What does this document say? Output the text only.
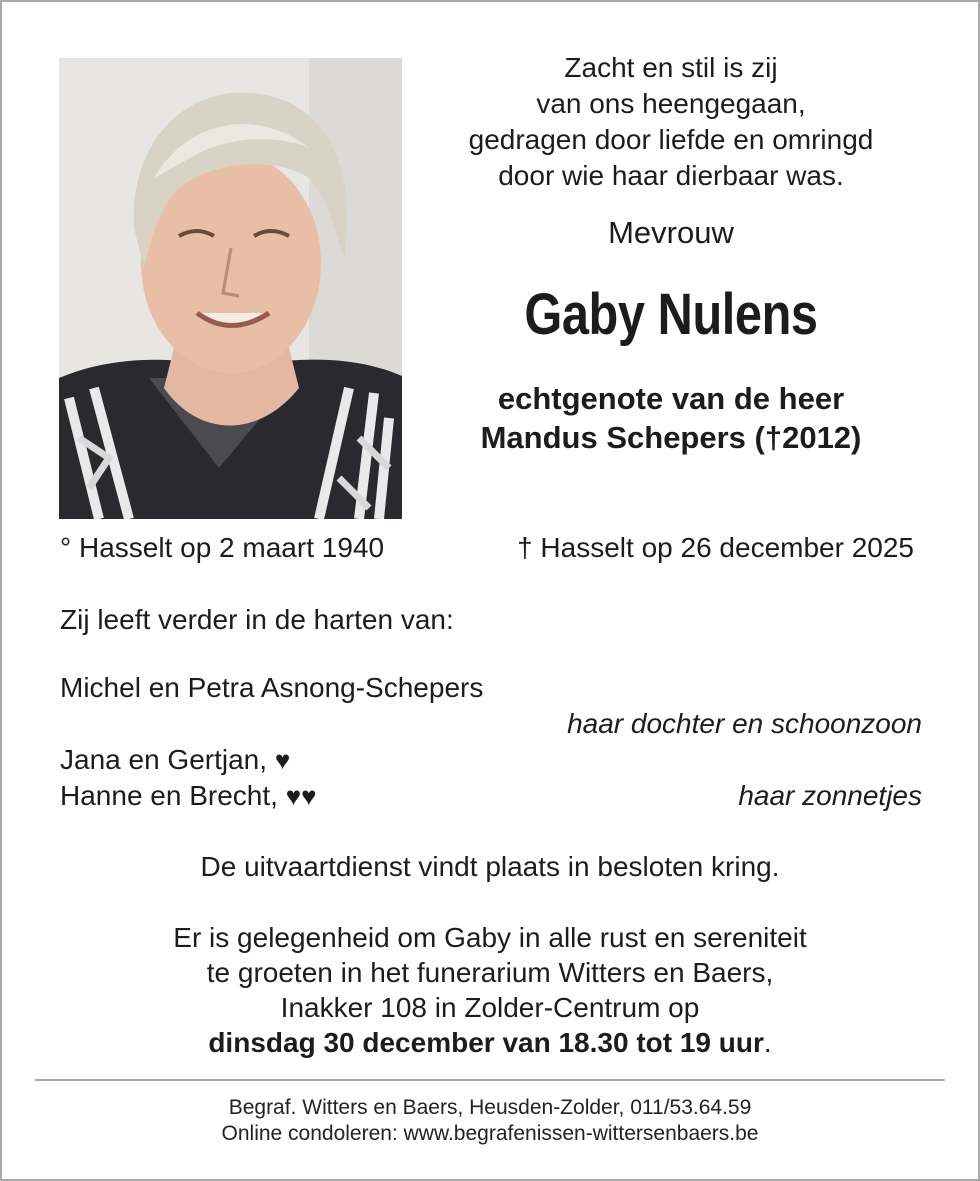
Zacht en stil is zij

van ons heengegaan,

gedragen door liefde en omringd

door wie haar dierbaar was.

Mevrouw
Gaby Nulens

echtgenote van de heer

Mandus Schepers (†2012)

° Hasselt op 2 maart 1940	† Hasselt op 26 december 2025
Zij leeft verder in de harten van:
Michel en Petra Asnong-Schepers
haar dochter en schoonzoon
Jana en Gertjan, ♥
Hanne en Brecht, ♥♥	haar zonnetjes
De uitvaartdienst vindt plaats in besloten kring.

Er is gelegenheid om Gaby in alle rust en sereniteit

te groeten in het funerarium Witters en Baers,

Inakker 108 in Zolder-Centrum op

dinsdag 30 december van 18.30 tot 19 uur.

Begraf. Witters en Baers, Heusden-Zolder, 011/53.64.59

Online condoleren: www.begrafenissen-wittersenbaers.be
